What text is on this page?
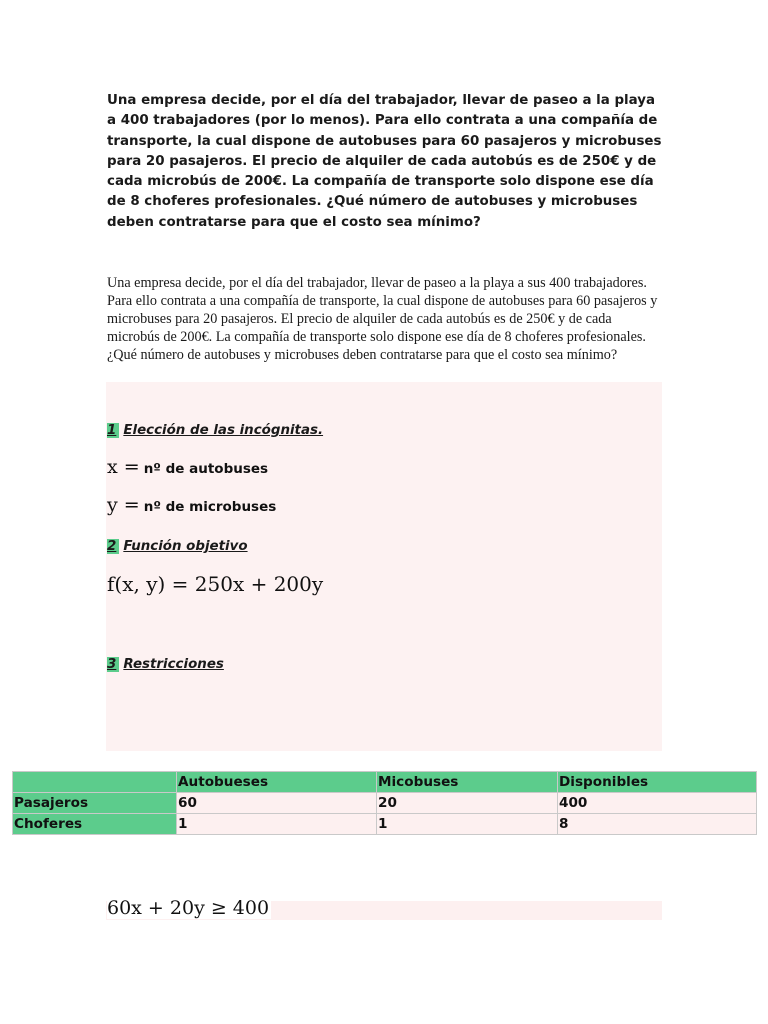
Una empresa decide, por el día del trabajador, llevar de paseo a la playa a 400 trabajadores (por lo menos). Para ello contrata a una compañía de transporte, la cual dispone de autobuses para 60 pasajeros y microbuses para 20 pasajeros. El precio de alquiler de cada autobús es de 250€ y de cada microbús de 200€. La compañía de transporte solo dispone ese día de 8 choferes profesionales. ¿Qué número de autobuses y microbuses deben contratarse para que el costo sea mínimo?

Una empresa decide, por el día del trabajador, llevar de paseo a la playa a sus 400 trabajadores. Para ello contrata a una compañía de transporte, la cual dispone de autobuses para 60 pasajeros y microbuses para 20 pasajeros. El precio de alquiler de cada autobús es de 250€ y de cada microbús de 200€. La compañía de transporte solo dispone ese día de 8 choferes profesionales. ¿Qué número de autobuses y microbuses deben contratarse para que el costo sea mínimo?

1 Elección de las incógnitas.

x = nº de autobuses

y = nº de microbuses

2 Función objetivo

f(x, y) = 250x + 200y

3 Restricciones

	Autobueses	Micobuses	Disponibles
Pasajeros	60	20	400
Choferes	1	1	8

60x + 20y ≥ 400
